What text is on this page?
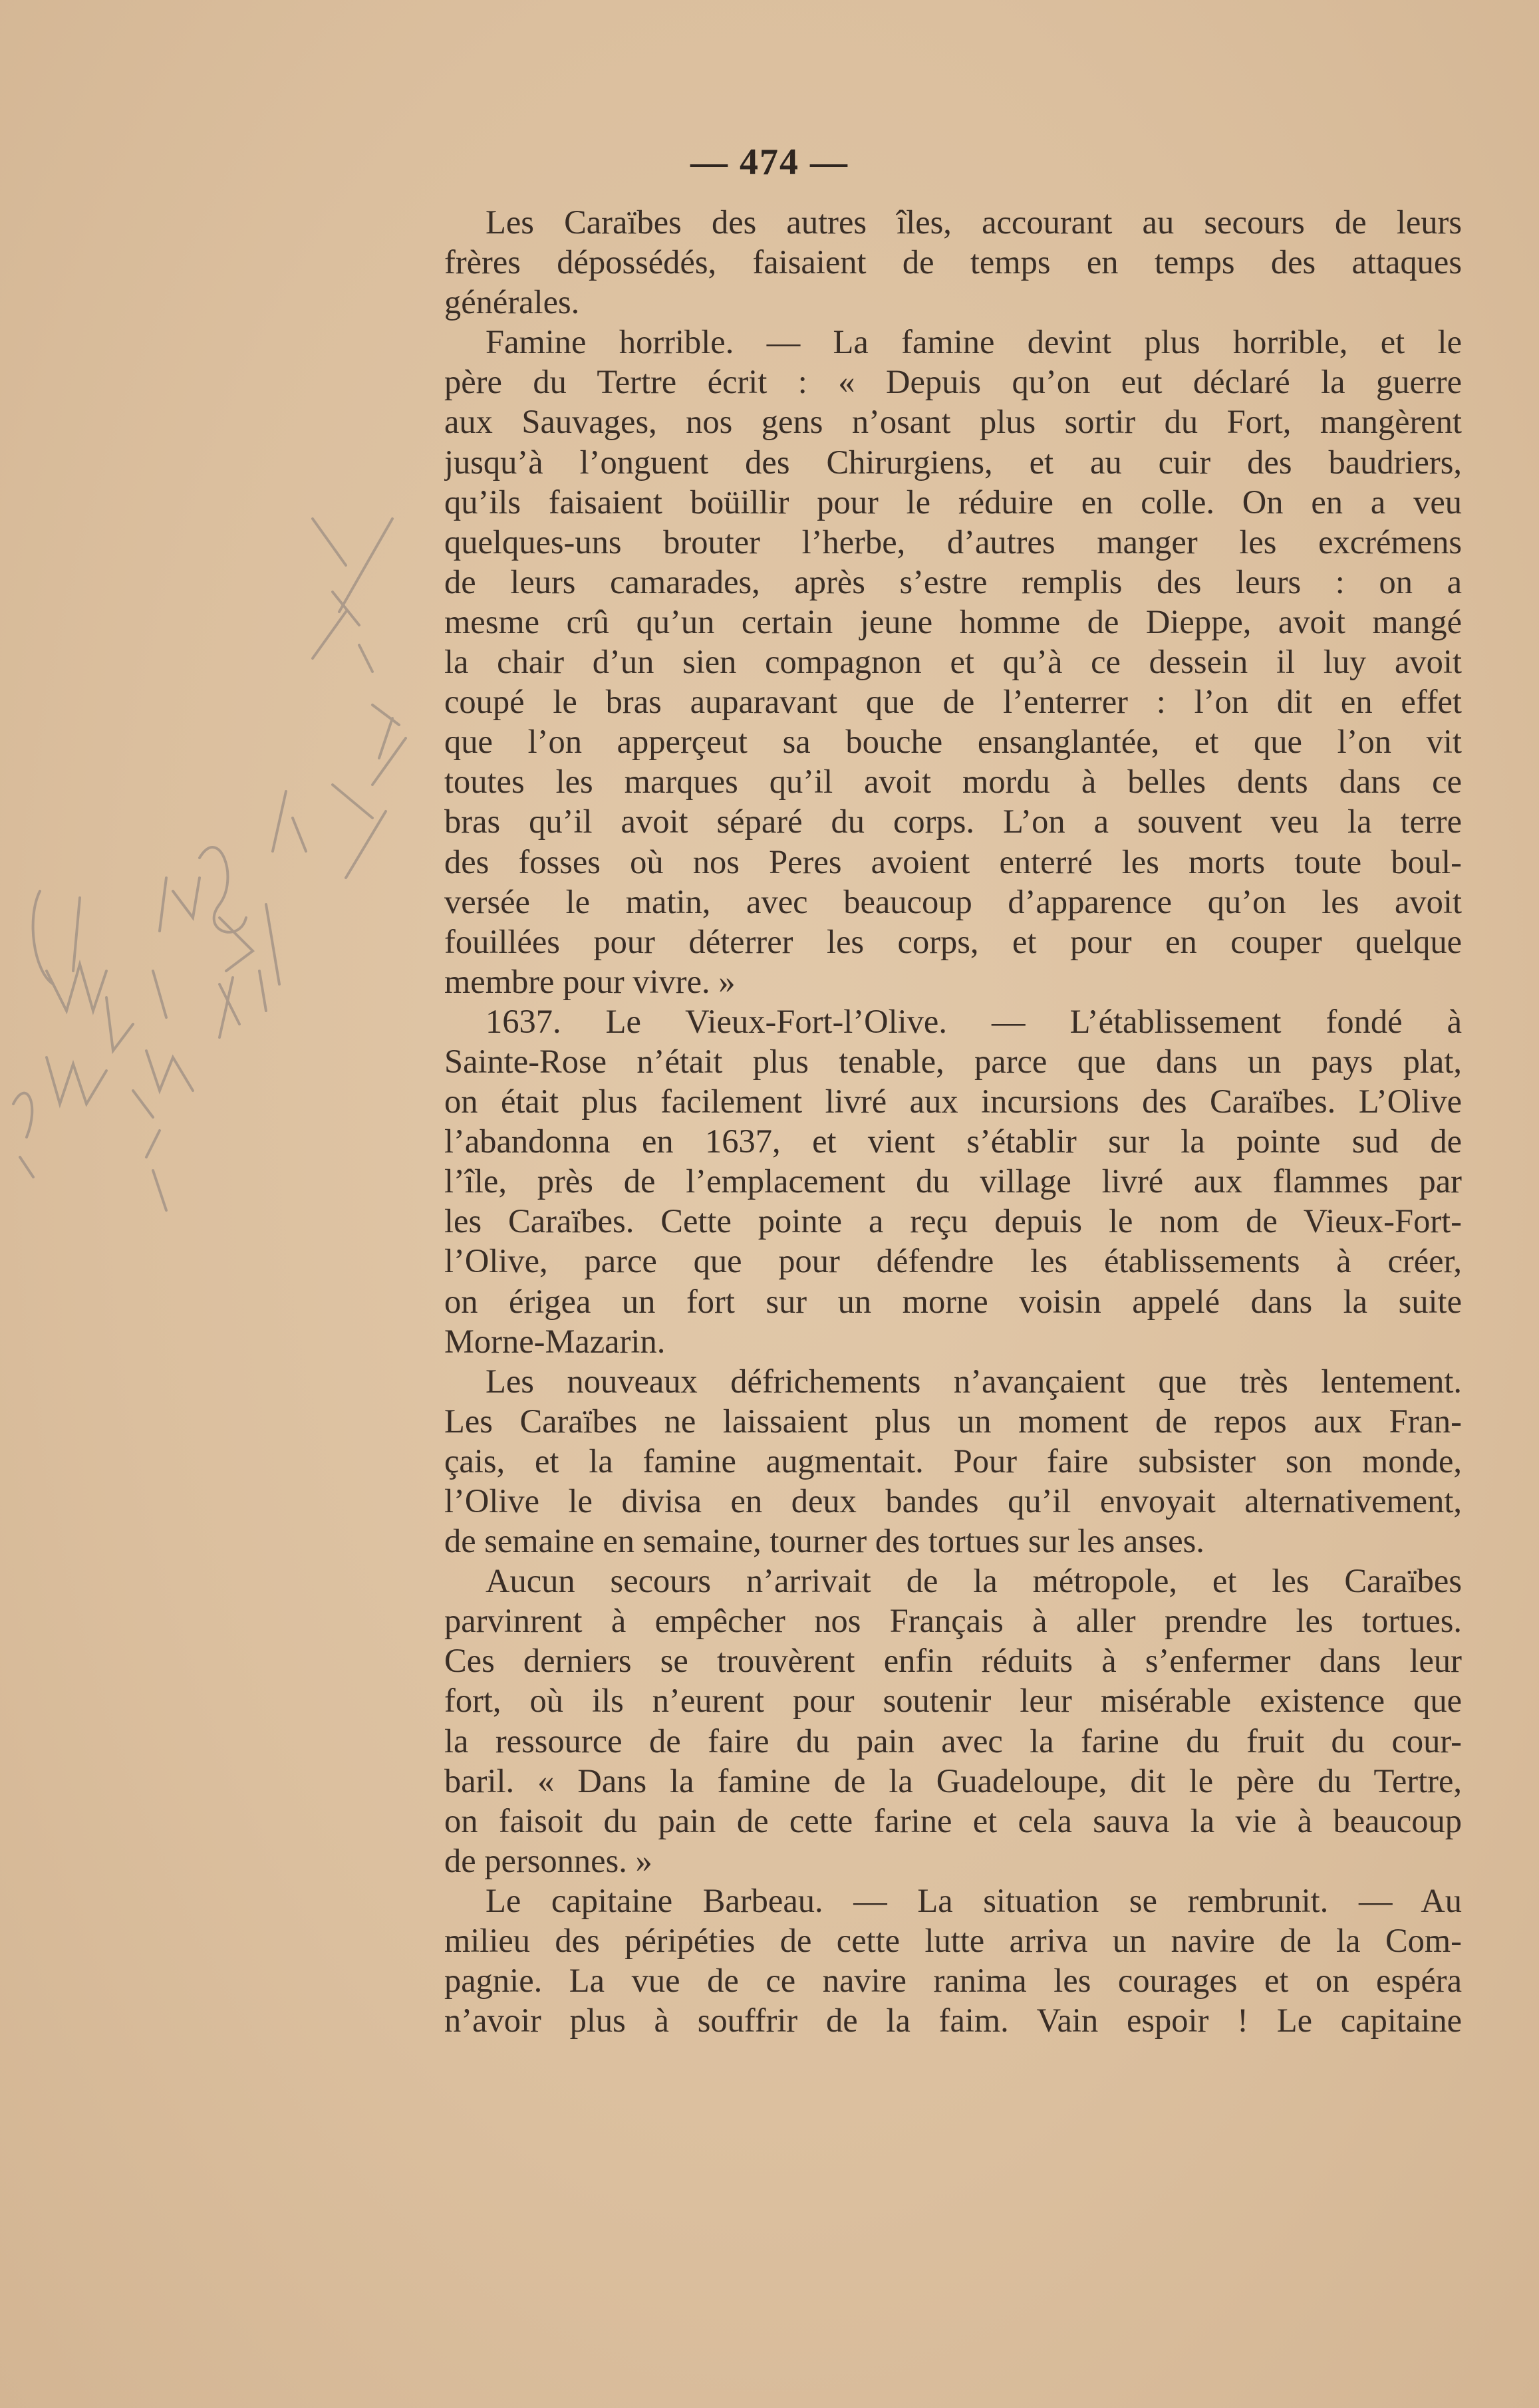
— 474 —
Les Caraïbes des autres îles, accourant au secours de leurs
frères dépossédés, faisaient de temps en temps des attaques
générales.
Famine horrible. — La famine devint plus horrible, et le
père du Tertre écrit : « Depuis qu’on eut déclaré la guerre
aux Sauvages, nos gens n’osant plus sortir du Fort, mangèrent
jusqu’à l’onguent des Chirurgiens, et au cuir des baudriers,
qu’ils faisaient boüillir pour le réduire en colle. On en a veu
quelques-uns brouter l’herbe, d’autres manger les excrémens
de leurs camarades, après s’estre remplis des leurs : on a
mesme crû qu’un certain jeune homme de Dieppe, avoit mangé
la chair d’un sien compagnon et qu’à ce dessein il luy avoit
coupé le bras auparavant que de l’enterrer : l’on dit en effet
que l’on apperçeut sa bouche ensanglantée, et que l’on vit
toutes les marques qu’il avoit mordu à belles dents dans ce
bras qu’il avoit séparé du corps. L’on a souvent veu la terre
des fosses où nos Peres avoient enterré les morts toute boul-
versée le matin, avec beaucoup d’apparence qu’on les avoit
fouillées pour déterrer les corps, et pour en couper quelque
membre pour vivre. »
1637. Le Vieux-Fort-l’Olive. — L’établissement fondé à
Sainte-Rose n’était plus tenable, parce que dans un pays plat,
on était plus facilement livré aux incursions des Caraïbes. L’Olive
l’abandonna en 1637, et vient s’établir sur la pointe sud de
l’île, près de l’emplacement du village livré aux flammes par
les Caraïbes. Cette pointe a reçu depuis le nom de Vieux-Fort-
l’Olive, parce que pour défendre les établissements à créer,
on érigea un fort sur un morne voisin appelé dans la suite
Morne-Mazarin.
Les nouveaux défrichements n’avançaient que très lentement.
Les Caraïbes ne laissaient plus un moment de repos aux Fran-
çais, et la famine augmentait. Pour faire subsister son monde,
l’Olive le divisa en deux bandes qu’il envoyait alternativement,
de semaine en semaine, tourner des tortues sur les anses.
Aucun secours n’arrivait de la métropole, et les Caraïbes
parvinrent à empêcher nos Français à aller prendre les tortues.
Ces derniers se trouvèrent enfin réduits à s’enfermer dans leur
fort, où ils n’eurent pour soutenir leur misérable existence que
la ressource de faire du pain avec la farine du fruit du cour-
baril. « Dans la famine de la Guadeloupe, dit le père du Tertre,
on faisoit du pain de cette farine et cela sauva la vie à beaucoup
de personnes. »
Le capitaine Barbeau. — La situation se rembrunit. — Au
milieu des péripéties de cette lutte arriva un navire de la Com-
pagnie. La vue de ce navire ranima les courages et on espéra
n’avoir plus à souffrir de la faim. Vain espoir ! Le capitaine
